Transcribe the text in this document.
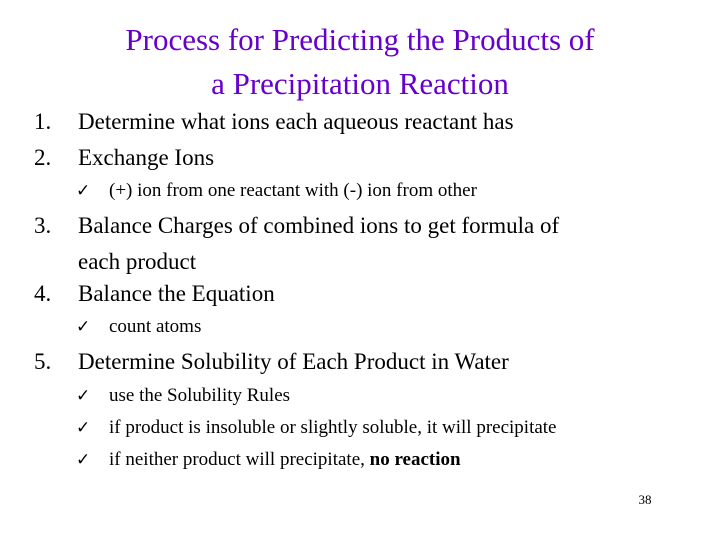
Process for Predicting the Products of
a Precipitation Reaction
1. Determine what ions each aqueous reactant has
2. Exchange Ions
✓ (+) ion from one reactant with (-) ion from other
3. Balance Charges of combined ions to get formula of
each product
4. Balance the Equation
✓ count atoms
5. Determine Solubility of Each Product in Water
✓ use the Solubility Rules
✓ if product is insoluble or slightly soluble, it will precipitate
✓ if neither product will precipitate, no reaction
38
